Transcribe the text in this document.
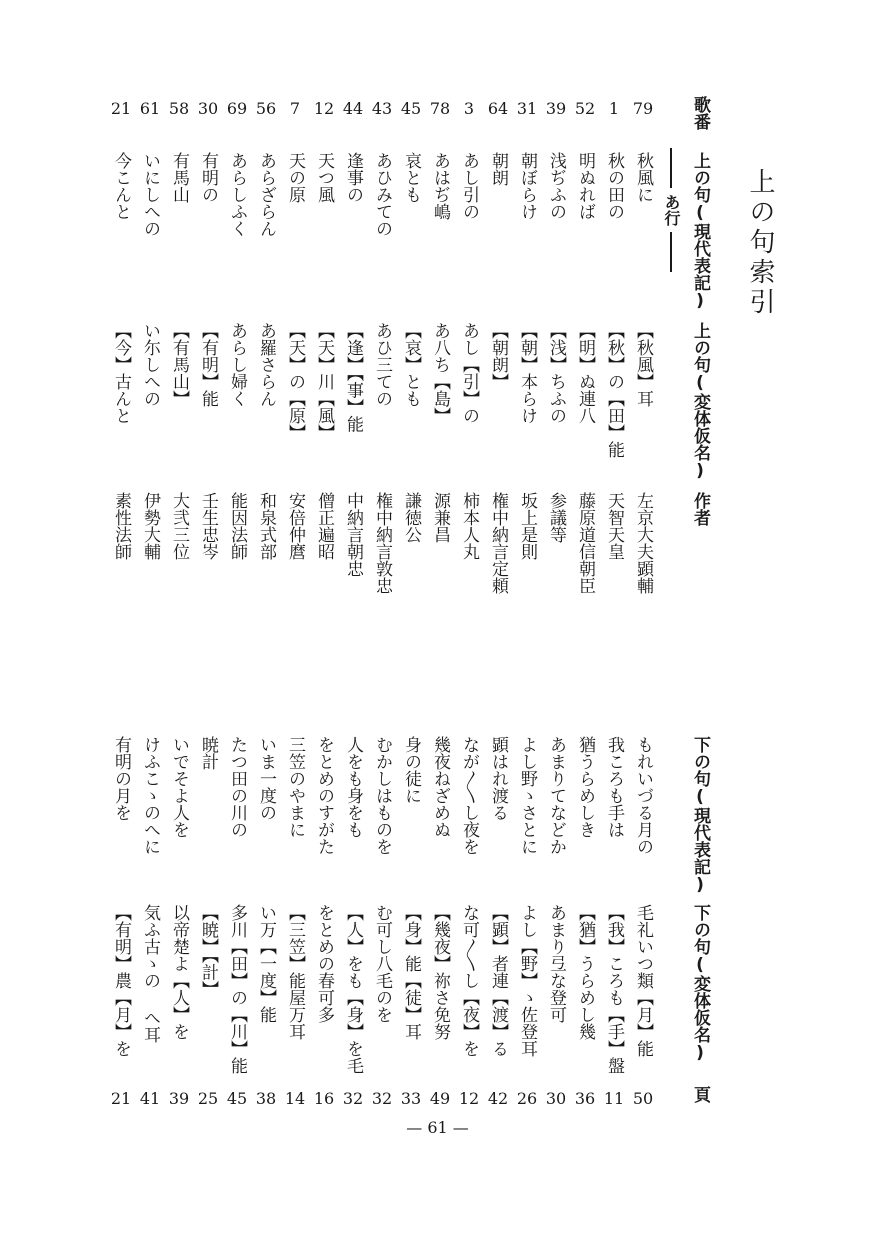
上の句索引
歌番
上の句(現代表記)
上の句(変体仮名)
作者
下の句(現代表記)
下の句(変体仮名)
頁
あ行
79
秋風に
【秋風】耳
左京大夫顕輔
もれいづる月の
毛礼いつ類【月】能
50
1
秋の田の
【秋】の【田】能
天智天皇
我ころも手は
【我】ころも【手】盤
11
52
明ぬれば
【明】ぬ連八
藤原道信朝臣
猶うらめしき
【猶】うらめし幾
36
39
浅ぢふの
【浅】ちふの
参議等
あまりてなどか
あまり弖な登可
30
31
朝ぼらけ
【朝】本らけ
坂上是則
よし野ゝさとに
よし【野】ゝ佐登耳
26
64
朝朗
【朝朗】
権中納言定頼
顕はれ渡る
【顕】者連【渡】る
42
3
あし引の
あし【引】の
柿本人丸
なが〳〵し夜を
な可〳〵し【夜】を
12
78
あはぢ嶋
あ八ち【島】
源兼昌
幾夜ねざめぬ
【幾夜】祢さ免努
49
45
哀とも
【哀】とも
謙徳公
身の徒に
【身】能【徒】耳
33
43
あひみての
あひ三ての
権中納言敦忠
むかしはものを
む可し八毛のを
32
44
逢事の
【逢】【事】能
中納言朝忠
人をも身をも
【人】をも【身】を毛
32
12
天つ風
【天】川【風】
僧正遍昭
をとめのすがた
をとめの春可多
16
7
天の原
【天】の【原】
安倍仲麿
三笠のやまに
【三笠】能屋万耳
14
56
あらざらん
あ羅さらん
和泉式部
いま一度の
い万【一度】能
38
69
あらしふく
あらし婦く
能因法師
たつ田の川の
多川【田】の【川】能
45
30
有明の
【有明】能
壬生忠岑
暁計
【暁】【計】
25
58
有馬山
【有馬山】
大弐三位
いでそよ人を
以帝楚よ【人】を
39
61
いにしへの
い尓しへの
伊勢大輔
けふこゝのへに
気ふ古ゝの へ耳
41
21
今こんと
【今】古んと
素性法師
有明の月を
【有明】農【月】を
21
— 61 —
